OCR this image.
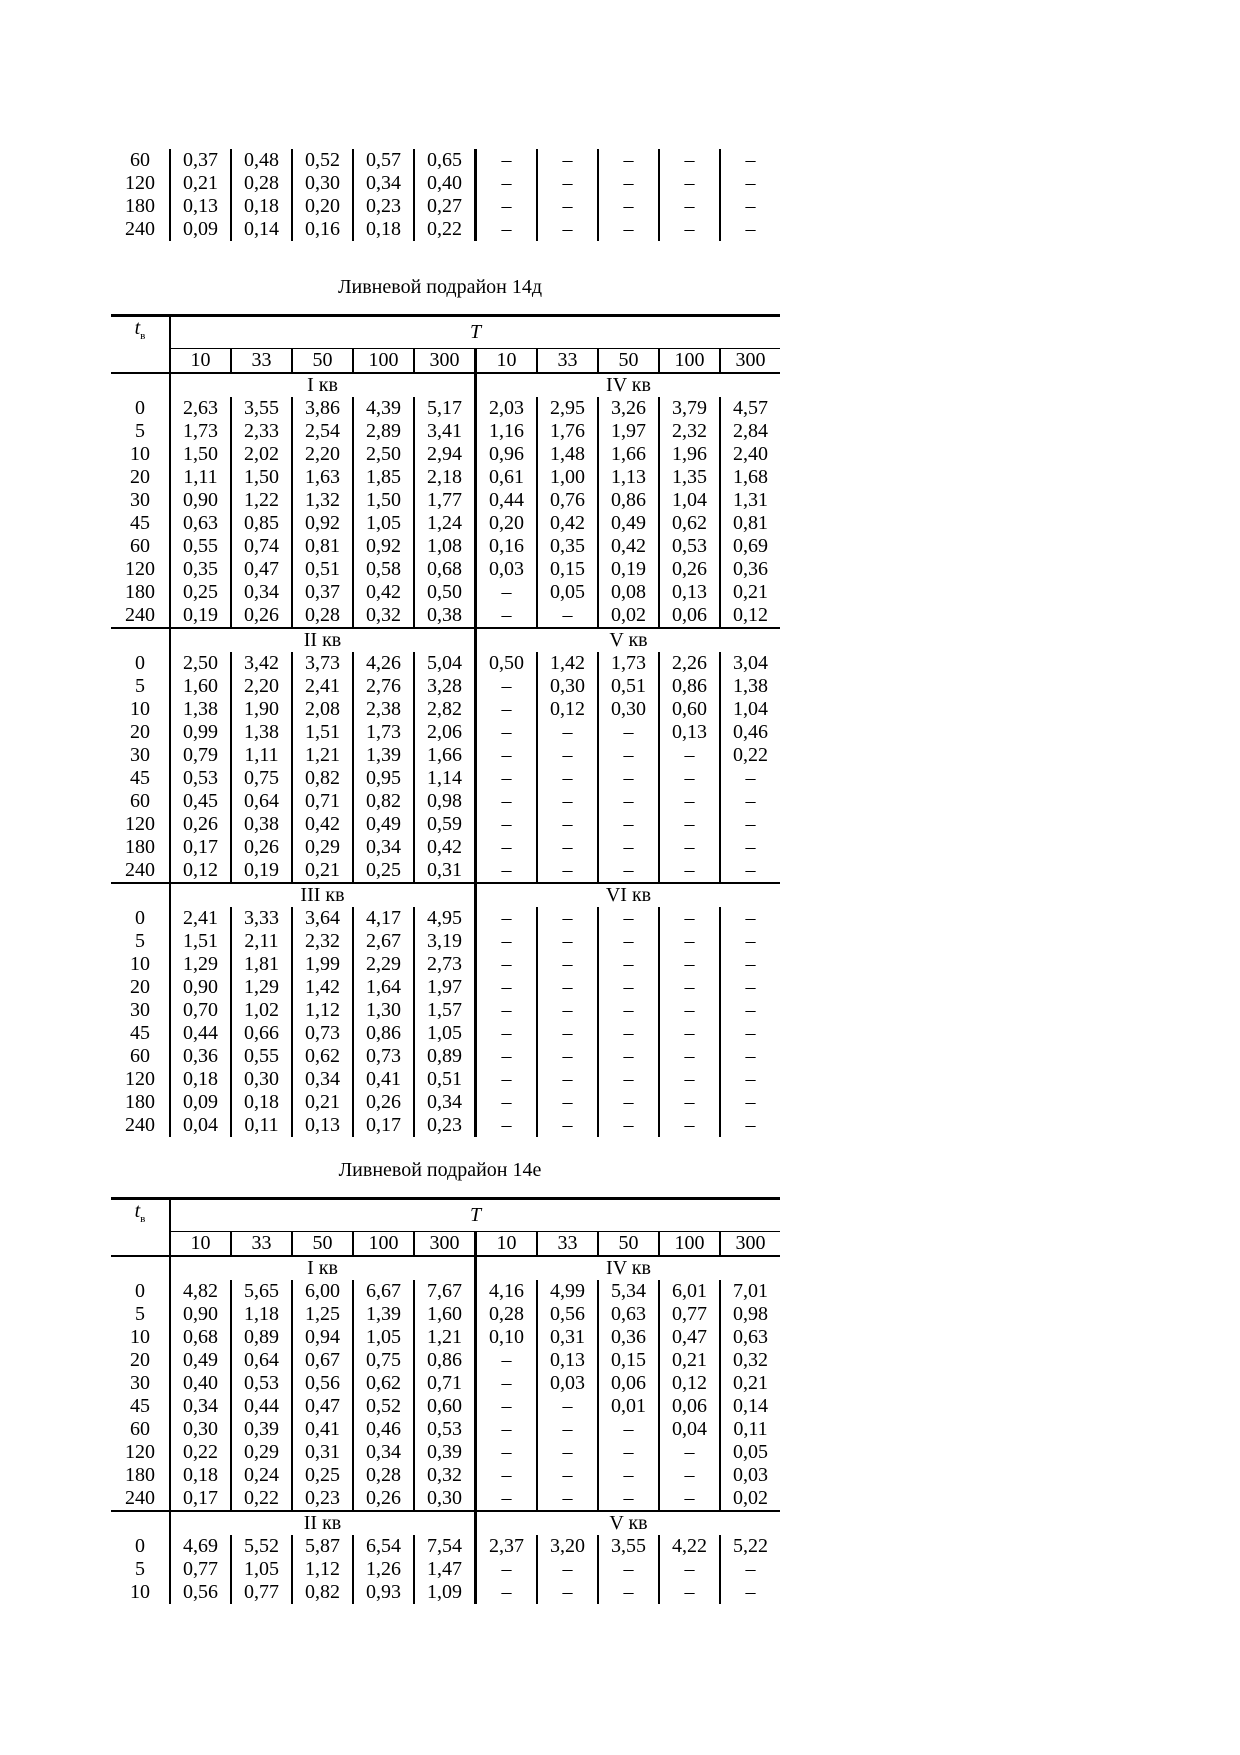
60	0,37	0,48	0,52	0,57	0,65	–	–	–	–	–
120	0,21	0,28	0,30	0,34	0,40	–	–	–	–	–
180	0,13	0,18	0,20	0,23	0,27	–	–	–	–	–
240	0,09	0,14	0,16	0,18	0,22	–	–	–	–	–
Ливневой подрайон 14д
$t_в$	T									
	10	33	50	100	300	10	33	50	100	300
	I кв					IV кв				
0	2,63	3,55	3,86	4,39	5,17	2,03	2,95	3,26	3,79	4,57
5	1,73	2,33	2,54	2,89	3,41	1,16	1,76	1,97	2,32	2,84
10	1,50	2,02	2,20	2,50	2,94	0,96	1,48	1,66	1,96	2,40
20	1,11	1,50	1,63	1,85	2,18	0,61	1,00	1,13	1,35	1,68
30	0,90	1,22	1,32	1,50	1,77	0,44	0,76	0,86	1,04	1,31
45	0,63	0,85	0,92	1,05	1,24	0,20	0,42	0,49	0,62	0,81
60	0,55	0,74	0,81	0,92	1,08	0,16	0,35	0,42	0,53	0,69
120	0,35	0,47	0,51	0,58	0,68	0,03	0,15	0,19	0,26	0,36
180	0,25	0,34	0,37	0,42	0,50	–	0,05	0,08	0,13	0,21
240	0,19	0,26	0,28	0,32	0,38	–	–	0,02	0,06	0,12
	II кв					V кв				
0	2,50	3,42	3,73	4,26	5,04	0,50	1,42	1,73	2,26	3,04
5	1,60	2,20	2,41	2,76	3,28	–	0,30	0,51	0,86	1,38
10	1,38	1,90	2,08	2,38	2,82	–	0,12	0,30	0,60	1,04
20	0,99	1,38	1,51	1,73	2,06	–	–	–	0,13	0,46
30	0,79	1,11	1,21	1,39	1,66	–	–	–	–	0,22
45	0,53	0,75	0,82	0,95	1,14	–	–	–	–	–
60	0,45	0,64	0,71	0,82	0,98	–	–	–	–	–
120	0,26	0,38	0,42	0,49	0,59	–	–	–	–	–
180	0,17	0,26	0,29	0,34	0,42	–	–	–	–	–
240	0,12	0,19	0,21	0,25	0,31	–	–	–	–	–
	III кв					VI кв				
0	2,41	3,33	3,64	4,17	4,95	–	–	–	–	–
5	1,51	2,11	2,32	2,67	3,19	–	–	–	–	–
10	1,29	1,81	1,99	2,29	2,73	–	–	–	–	–
20	0,90	1,29	1,42	1,64	1,97	–	–	–	–	–
30	0,70	1,02	1,12	1,30	1,57	–	–	–	–	–
45	0,44	0,66	0,73	0,86	1,05	–	–	–	–	–
60	0,36	0,55	0,62	0,73	0,89	–	–	–	–	–
120	0,18	0,30	0,34	0,41	0,51	–	–	–	–	–
180	0,09	0,18	0,21	0,26	0,34	–	–	–	–	–
240	0,04	0,11	0,13	0,17	0,23	–	–	–	–	–
Ливневой подрайон 14е
$t_в$	T									
	10	33	50	100	300	10	33	50	100	300
	I кв					IV кв				
0	4,82	5,65	6,00	6,67	7,67	4,16	4,99	5,34	6,01	7,01
5	0,90	1,18	1,25	1,39	1,60	0,28	0,56	0,63	0,77	0,98
10	0,68	0,89	0,94	1,05	1,21	0,10	0,31	0,36	0,47	0,63
20	0,49	0,64	0,67	0,75	0,86	–	0,13	0,15	0,21	0,32
30	0,40	0,53	0,56	0,62	0,71	–	0,03	0,06	0,12	0,21
45	0,34	0,44	0,47	0,52	0,60	–	–	0,01	0,06	0,14
60	0,30	0,39	0,41	0,46	0,53	–	–	–	0,04	0,11
120	0,22	0,29	0,31	0,34	0,39	–	–	–	–	0,05
180	0,18	0,24	0,25	0,28	0,32	–	–	–	–	0,03
240	0,17	0,22	0,23	0,26	0,30	–	–	–	–	0,02
	II кв					V кв				
0	4,69	5,52	5,87	6,54	7,54	2,37	3,20	3,55	4,22	5,22
5	0,77	1,05	1,12	1,26	1,47	–	–	–	–	–
10	0,56	0,77	0,82	0,93	1,09	–	–	–	–	–
